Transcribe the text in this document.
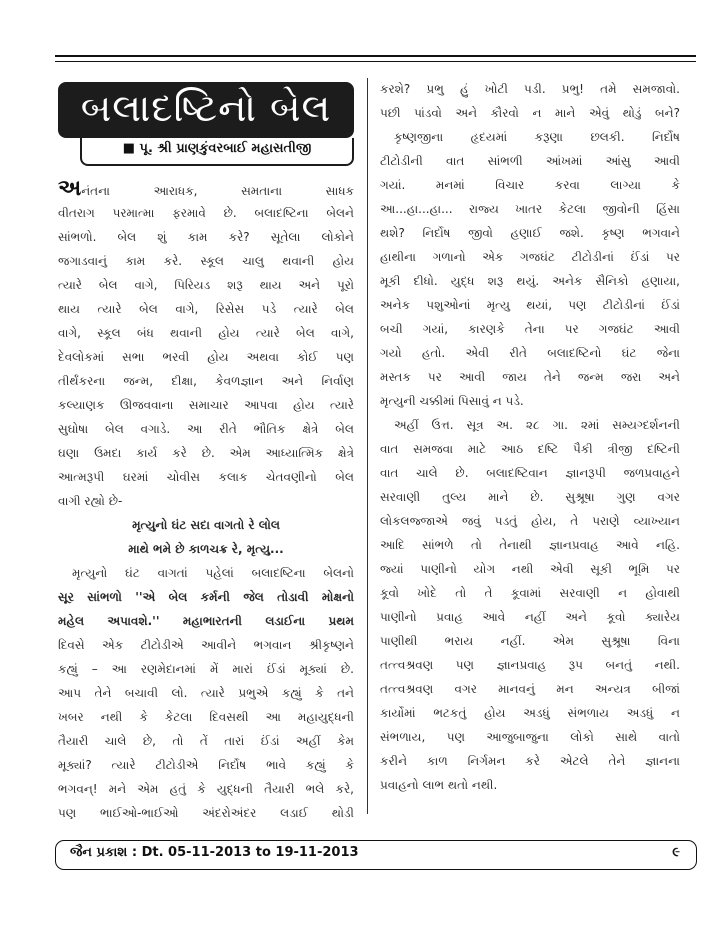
બલાદષ્ટિનો બેલ
■ પૂ. શ્રી પ્રાણકુંવરબાઈ મહાસતીજી
અનંતના આરાધક, સમતાના સાધક
વીતરાગ પરમાત્મા ફરમાવે છે. બલાદષ્ટિના બેલને
સાંભળો. બેલ શું કામ કરે? સૂતેલા લોકોને
જગાડવાનું કામ કરે. સ્કૂલ ચાલુ થવાની હોય
ત્યારે બેલ વાગે, પિરિયડ શરૂ થાય અને પૂરો
થાય ત્યારે બેલ વાગે, રિસેસ પડે ત્યારે બેલ
વાગે, સ્કૂલ બંધ થવાની હોય ત્યારે બેલ વાગે,
દેવલોકમાં સભા ભરવી હોય અથવા કોઈ પણ
તીર્થંકરના જન્મ, દીક્ષા, કેવળજ્ઞાન અને નિર્વાણ
કલ્યાણક ઊજવવાના સમાચાર આપવા હોય ત્યારે
સુઘોષા બેલ વગાડે. આ રીતે ભૌતિક ક્ષેત્રે બેલ
ઘણા ઉમદા કાર્ય કરે છે. એમ આધ્યાત્મિક ક્ષેત્રે
આત્મરૂપી ઘરમાં ચોવીસ કલાક ચેતવણીનો બેલ
વાગી રહ્યો છે-
મૃત્યુનો ઘંટ સદા વાગતો રે લોલ
માથે ભમે છે કાળચક્ર રે, મૃત્યુ...
મૃત્યુનો ઘંટ વાગતાં પહેલાં બલાદષ્ટિના બેલનો
સૂર સાંભળો ''એ બેલ કર્મની જેલ તોડાવી મોક્ષનો
મહેલ અપાવશે.'' મહાભારતની લડાઈના પ્રથમ
દિવસે એક ટીટોડીએ આવીને ભગવાન શ્રીકૃષ્ણને
કહ્યું – આ રણમેદાનમાં મેં મારાં ઈંડાં મૂક્યાં છે.
આપ તેને બચાવી લો. ત્યારે પ્રભુએ કહ્યું કે તને
ખબર નથી કે કેટલા દિવસથી આ મહાયુદ્ધની
તૈયારી ચાલે છે, તો તેં તારાં ઈંડાં અહીં કેમ
મૂક્યાં? ત્યારે ટીટોડીએ નિર્દોષ ભાવે કહ્યું કે
ભગવન્! મને એમ હતું કે યુદ્ધની તૈયારી ભલે કરે,
પણ ભાઈઓ-ભાઈઓ અંદરોઅંદર લડાઈ થોડી
કરશે? પ્રભુ હું ખોટી પડી. પ્રભુ! તમે સમજાવો.
પછી પાંડવો અને કૌરવો ન માને એવું થોડું બને?
કૃષ્ણજીના હૃદયમાં કરૂણા છલકી. નિર્દોષ
ટીટોડીની વાત સાંભળી આંખમાં આંસુ આવી
ગયાં. મનમાં વિચાર કરવા લાગ્યા કે
આ...હા...હા... રાજ્ય ખાતર કેટલા જીવોની હિંસા
થશે? નિર્દોષ જીવો હણાઈ જશે. કૃષ્ણ ભગવાને
હાથીના ગળાનો એક ગજઘંટ ટીટોડીનાં ઈંડાં પર
મૂકી દીધો. યુદ્ધ શરૂ થયું. અનેક સૈનિકો હણાયા,
અનેક પશુઓનાં મૃત્યુ થયાં, પણ ટીટોડીનાં ઈંડાં
બચી ગયાં, કારણકે તેના પર ગજઘંટ આવી
ગયો હતો. એવી રીતે બલાદષ્ટિનો ઘંટ જેના
મસ્તક પર આવી જાય તેને જન્મ જરા અને
મૃત્યુની ચક્કીમાં પિસાવું ન પડે.
અહીં ઉત્ત. સૂત્ર અ. ૨૮ ગા. ૨માં સમ્યગ્દર્શનની
વાત સમજવા માટે આઠ દષ્ટિ પૈકી ત્રીજી દષ્ટિની
વાત ચાલે છે. બલાદષ્ટિવાન જ્ઞાનરૂપી જળપ્રવાહને
સરવાણી તુલ્ય માને છે. સુશ્રૂષા ગુણ વગર
લોકલજ્જાએ જવું પડતું હોય, તે પરાણે વ્યાખ્યાન
આદિ સાંભળે તો તેનાથી જ્ઞાનપ્રવાહ આવે નહિ.
જ્યાં પાણીનો યોગ નથી એવી સૂકી ભૂમિ પર
કૂવો ખોદે તો તે કૂવામાં સરવાણી ન હોવાથી
પાણીનો પ્રવાહ આવે નહીં અને કૂવો ક્યારેય
પાણીથી ભરાય નહીં. એમ સુશ્રૂષા વિના
તત્ત્વશ્રવણ પણ જ્ઞાનપ્રવાહ રૂપ બનતું નથી.
તત્ત્વશ્રવણ વગર માનવનું મન અન્યત્ર બીજાં
કાર્યોમાં ભટકતું હોય અડધું સંભળાય અડધું ન
સંભળાય, પણ આજુબાજુના લોકો સાથે વાતો
કરીને કાળ નિર્ગમન કરે એટલે તેને જ્ઞાનના
પ્રવાહનો લાભ થતો નથી.
જૈન પ્રકાશ : Dt. 05-11-2013 to 19-11-2013	૯
